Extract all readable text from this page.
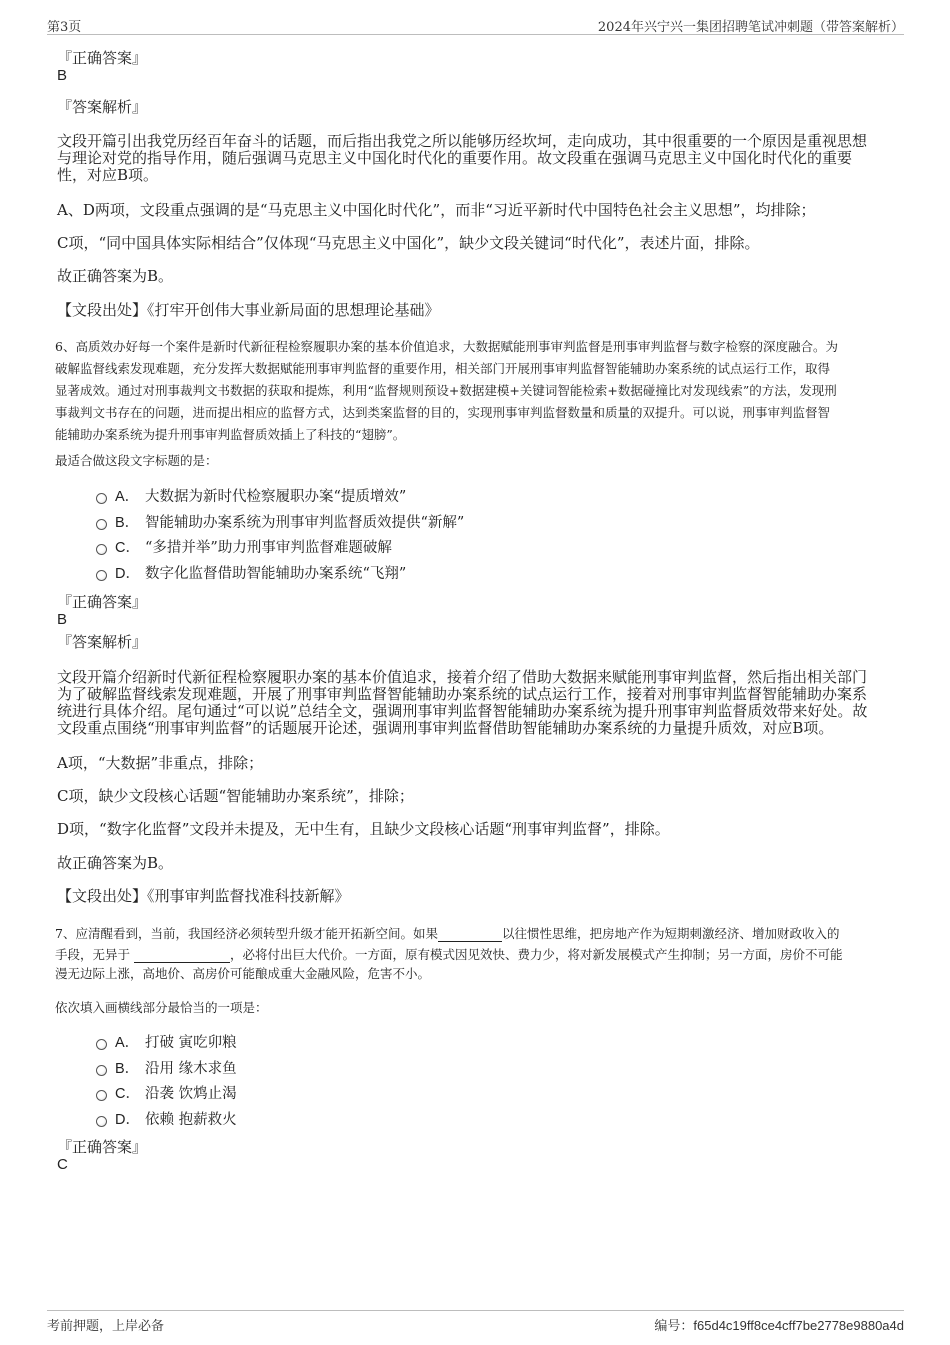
第3页	2024年兴宁兴一集团招聘笔试冲刺题（带答案解析）
『正确答案』
B
『答案解析』
文段开篇引出我党历经百年奋斗的话题，而后指出我党之所以能够历经坎坷，走向成功，其中很重要的一个原因是重视思想
与理论对党的指导作用，随后强调马克思主义中国化时代化的重要作用。故文段重在强调马克思主义中国化时代化的重要
性，对应B项。
A、D两项，文段重点强调的是“马克思主义中国化时代化”，而非“习近平新时代中国特色社会主义思想”，均排除；
C项，“同中国具体实际相结合”仅体现“马克思主义中国化”，缺少文段关键词“时代化”，表述片面，排除。
故正确答案为B。
【文段出处】《打牢开创伟大事业新局面的思想理论基础》
6、高质效办好每一个案件是新时代新征程检察履职办案的基本价值追求，大数据赋能刑事审判监督是刑事审判监督与数字检察的深度融合。为
破解监督线索发现难题，充分发挥大数据赋能刑事审判监督的重要作用，相关部门开展刑事审判监督智能辅助办案系统的试点运行工作，取得
显著成效。通过对刑事裁判文书数据的获取和提炼，利用“监督规则预设+数据建模+关键词智能检索+数据碰撞比对发现线索”的方法，发现刑
事裁判文书存在的问题，进而提出相应的监督方式，达到类案监督的目的，实现刑事审判监督数量和质量的双提升。可以说，刑事审判监督智
能辅助办案系统为提升刑事审判监督质效插上了科技的“翅膀”。
最适合做这段文字标题的是：
A． 大数据为新时代检察履职办案“提质增效”
B． 智能辅助办案系统为刑事审判监督质效提供“新解”
C． “多措并举”助力刑事审判监督难题破解
D． 数字化监督借助智能辅助办案系统“飞翔”
『正确答案』
B
『答案解析』
文段开篇介绍新时代新征程检察履职办案的基本价值追求，接着介绍了借助大数据来赋能刑事审判监督，然后指出相关部门
为了破解监督线索发现难题，开展了刑事审判监督智能辅助办案系统的试点运行工作，接着对刑事审判监督智能辅助办案系
统进行具体介绍。尾句通过“可以说”总结全文，强调刑事审判监督智能辅助办案系统为提升刑事审判监督质效带来好处。故
文段重点围绕“刑事审判监督”的话题展开论述，强调刑事审判监督借助智能辅助办案系统的力量提升质效，对应B项。
A项，“大数据”非重点，排除；
C项，缺少文段核心话题“智能辅助办案系统”，排除；
D项，“数字化监督”文段并未提及，无中生有，且缺少文段核心话题“刑事审判监督”，排除。
故正确答案为B。
【文段出处】《刑事审判监督找准科技新解》
7、应清醒看到，当前，我国经济必须转型升级才能开拓新空间。如果	以往惯性思维，把房地产作为短期刺激经济、增加财政收入的
手段，无异于	，必将付出巨大代价。一方面，原有模式因见效快、费力少，将对新发展模式产生抑制；另一方面，房价不可能
漫无边际上涨，高地价、高房价可能酿成重大金融风险，危害不小。
依次填入画横线部分最恰当的一项是：
A． 打破 寅吃卯粮
B． 沿用 缘木求鱼
C． 沿袭 饮鸩止渴
D． 依赖 抱薪救火
『正确答案』
C
考前押题，上岸必备	编号：f65d4c19ff8ce4cff7be2778e9880a4d
